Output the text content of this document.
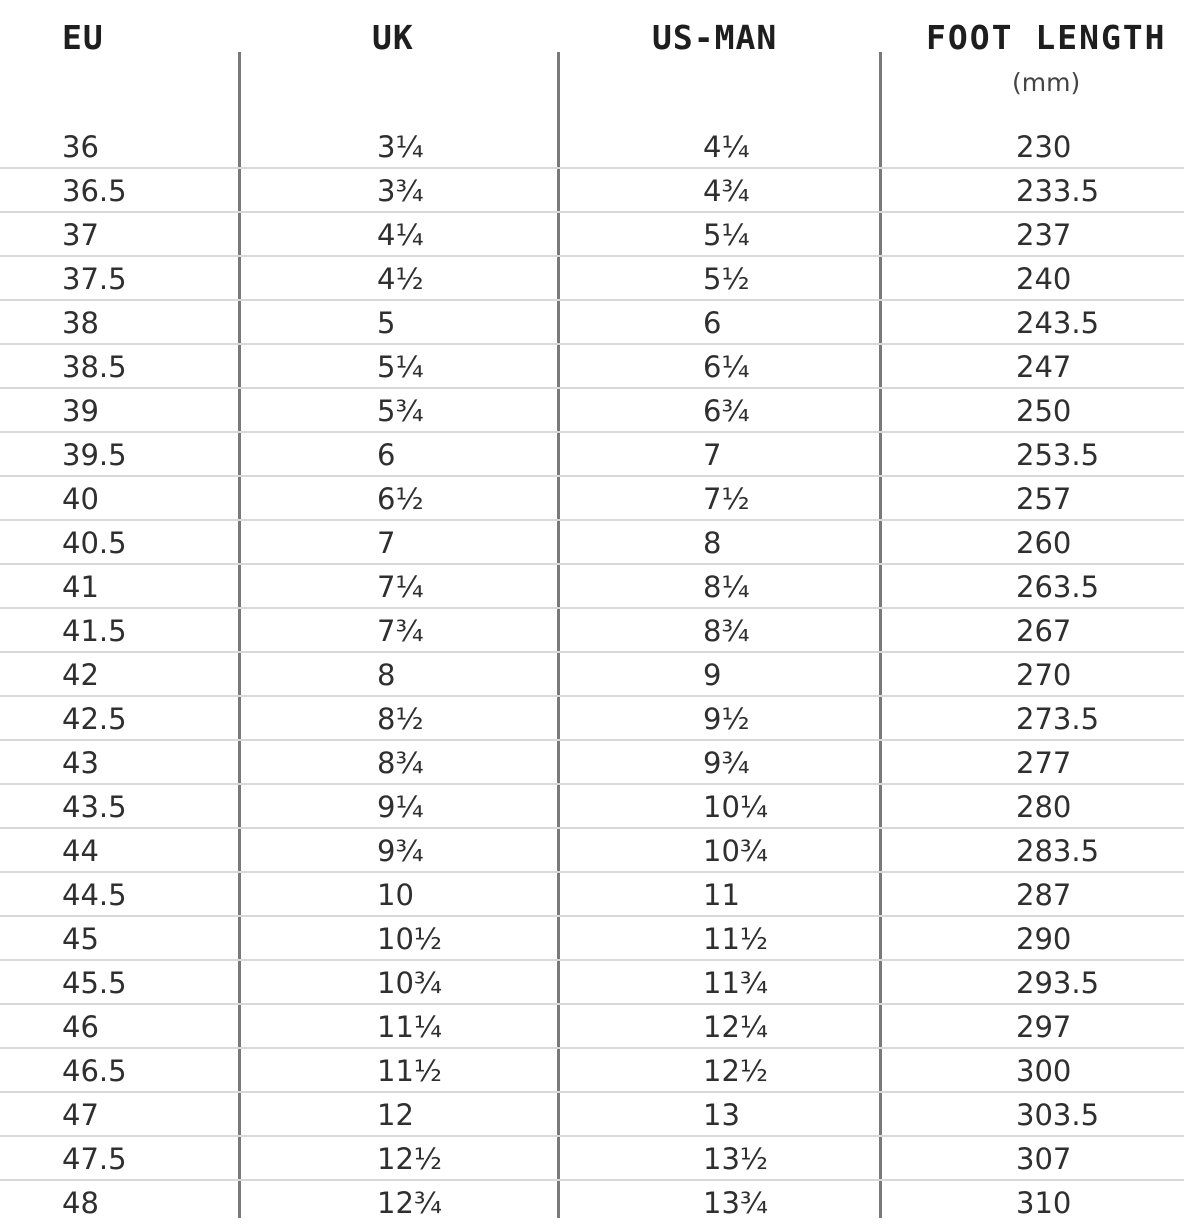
EU	UK	US-MAN	FOOT LENGTH
(mm)
36	3¼	4¼	230
36.5	3¾	4¾	233.5
37	4¼	5¼	237
37.5	4½	5½	240
38	5	6	243.5
38.5	5¼	6¼	247
39	5¾	6¾	250
39.5	6	7	253.5
40	6½	7½	257
40.5	7	8	260
41	7¼	8¼	263.5
41.5	7¾	8¾	267
42	8	9	270
42.5	8½	9½	273.5
43	8¾	9¾	277
43.5	9¼	10¼	280
44	9¾	10¾	283.5
44.5	10	11	287
45	10½	11½	290
45.5	10¾	11¾	293.5
46	11¼	12¼	297
46.5	11½	12½	300
47	12	13	303.5
47.5	12½	13½	307
48	12¾	13¾	310
